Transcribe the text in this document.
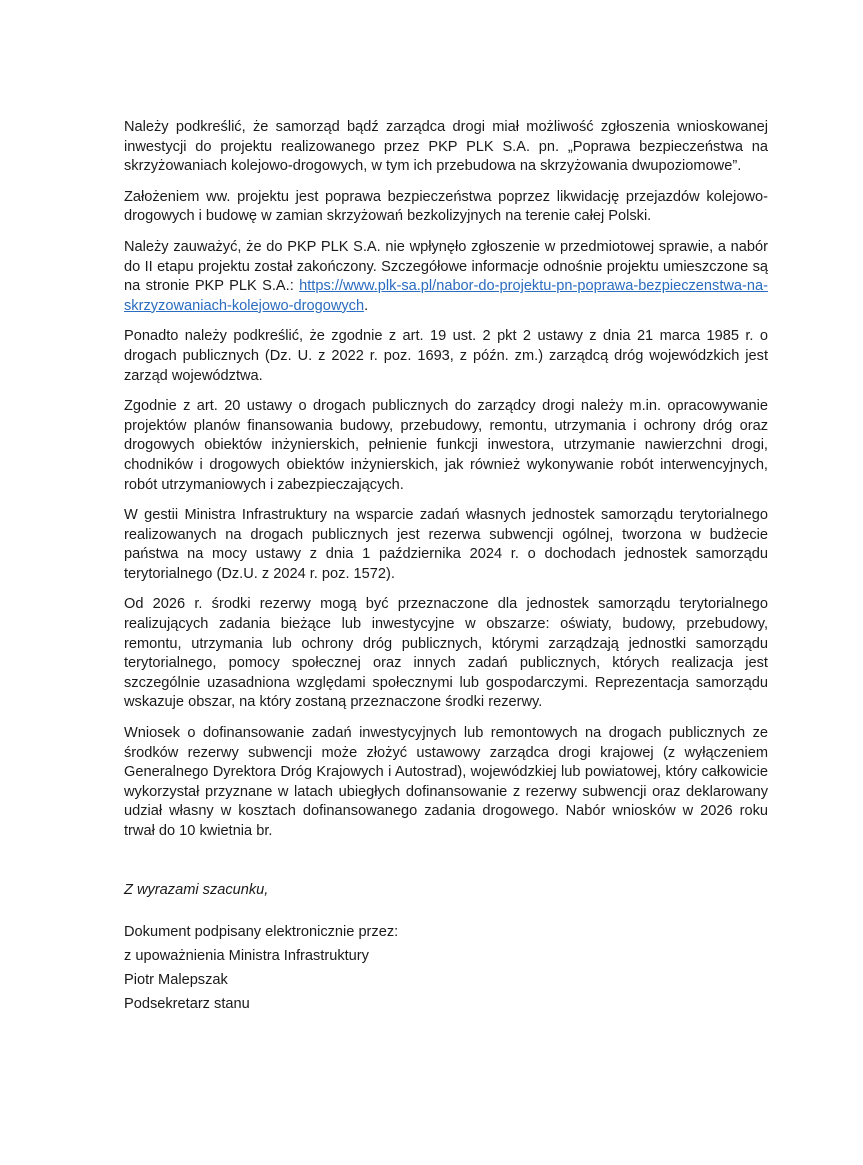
Należy podkreślić, że samorząd bądź zarządca drogi miał możliwość zgłoszenia wnioskowanej inwestycji do projektu realizowanego przez PKP PLK S.A. pn. „Poprawa bezpieczeństwa na skrzyżowaniach kolejowo-drogowych, w tym ich przebudowa na skrzyżowania dwupoziomowe”.

Założeniem ww. projektu jest poprawa bezpieczeństwa poprzez likwidację przejazdów kolejowo-drogowych i budowę w zamian skrzyżowań bezkolizyjnych na terenie całej Polski.

Należy zauważyć, że do PKP PLK S.A. nie wpłynęło zgłoszenie w przedmiotowej sprawie, a nabór do II etapu projektu został zakończony. Szczegółowe informacje odnośnie projektu umieszczone są na stronie PKP PLK S.A.: https://www.plk-sa.pl/nabor-do-projektu-pn-poprawa-bezpieczenstwa-na-skrzyzowaniach-kolejowo-drogowych.

Ponadto należy podkreślić, że zgodnie z art. 19 ust. 2 pkt 2 ustawy z dnia 21 marca 1985 r. o drogach publicznych (Dz. U. z 2022 r. poz. 1693, z późn. zm.) zarządcą dróg wojewódzkich jest zarząd województwa.

Zgodnie z art. 20 ustawy o drogach publicznych do zarządcy drogi należy m.in. opracowywanie projektów planów finansowania budowy, przebudowy, remontu, utrzymania i ochrony dróg oraz drogowych obiektów inżynierskich, pełnienie funkcji inwestora, utrzymanie nawierzchni drogi, chodników i drogowych obiektów inżynierskich, jak również wykonywanie robót interwencyjnych, robót utrzymaniowych i zabezpieczających.

W gestii Ministra Infrastruktury na wsparcie zadań własnych jednostek samorządu terytorialnego realizowanych na drogach publicznych jest rezerwa subwencji ogólnej, tworzona w budżecie państwa na mocy ustawy z dnia 1 października 2024 r. o dochodach jednostek samorządu terytorialnego (Dz.U. z 2024 r. poz. 1572).

Od 2026 r. środki rezerwy mogą być przeznaczone dla jednostek samorządu terytorialnego realizujących zadania bieżące lub inwestycyjne w obszarze: oświaty, budowy, przebudowy, remontu, utrzymania lub ochrony dróg publicznych, którymi zarządzają jednostki samorządu terytorialnego, pomocy społecznej oraz innych zadań publicznych, których realizacja jest szczególnie uzasadniona względami społecznymi lub gospodarczymi. Reprezentacja samorządu wskazuje obszar, na który zostaną przeznaczone środki rezerwy.

Wniosek o dofinansowanie zadań inwestycyjnych lub remontowych na drogach publicznych ze środków rezerwy subwencji może złożyć ustawowy zarządca drogi krajowej (z wyłączeniem Generalnego Dyrektora Dróg Krajowych i Autostrad), wojewódzkiej lub powiatowej, który całkowicie wykorzystał przyznane w latach ubiegłych dofinansowanie z rezerwy subwencji oraz deklarowany udział własny w kosztach dofinansowanego zadania drogowego. Nabór wniosków w 2026 roku trwał do 10 kwietnia br.

Z wyrazami szacunku,
Dokument podpisany elektronicznie przez:
z upoważnienia Ministra Infrastruktury
Piotr Malepszak
Podsekretarz stanu
